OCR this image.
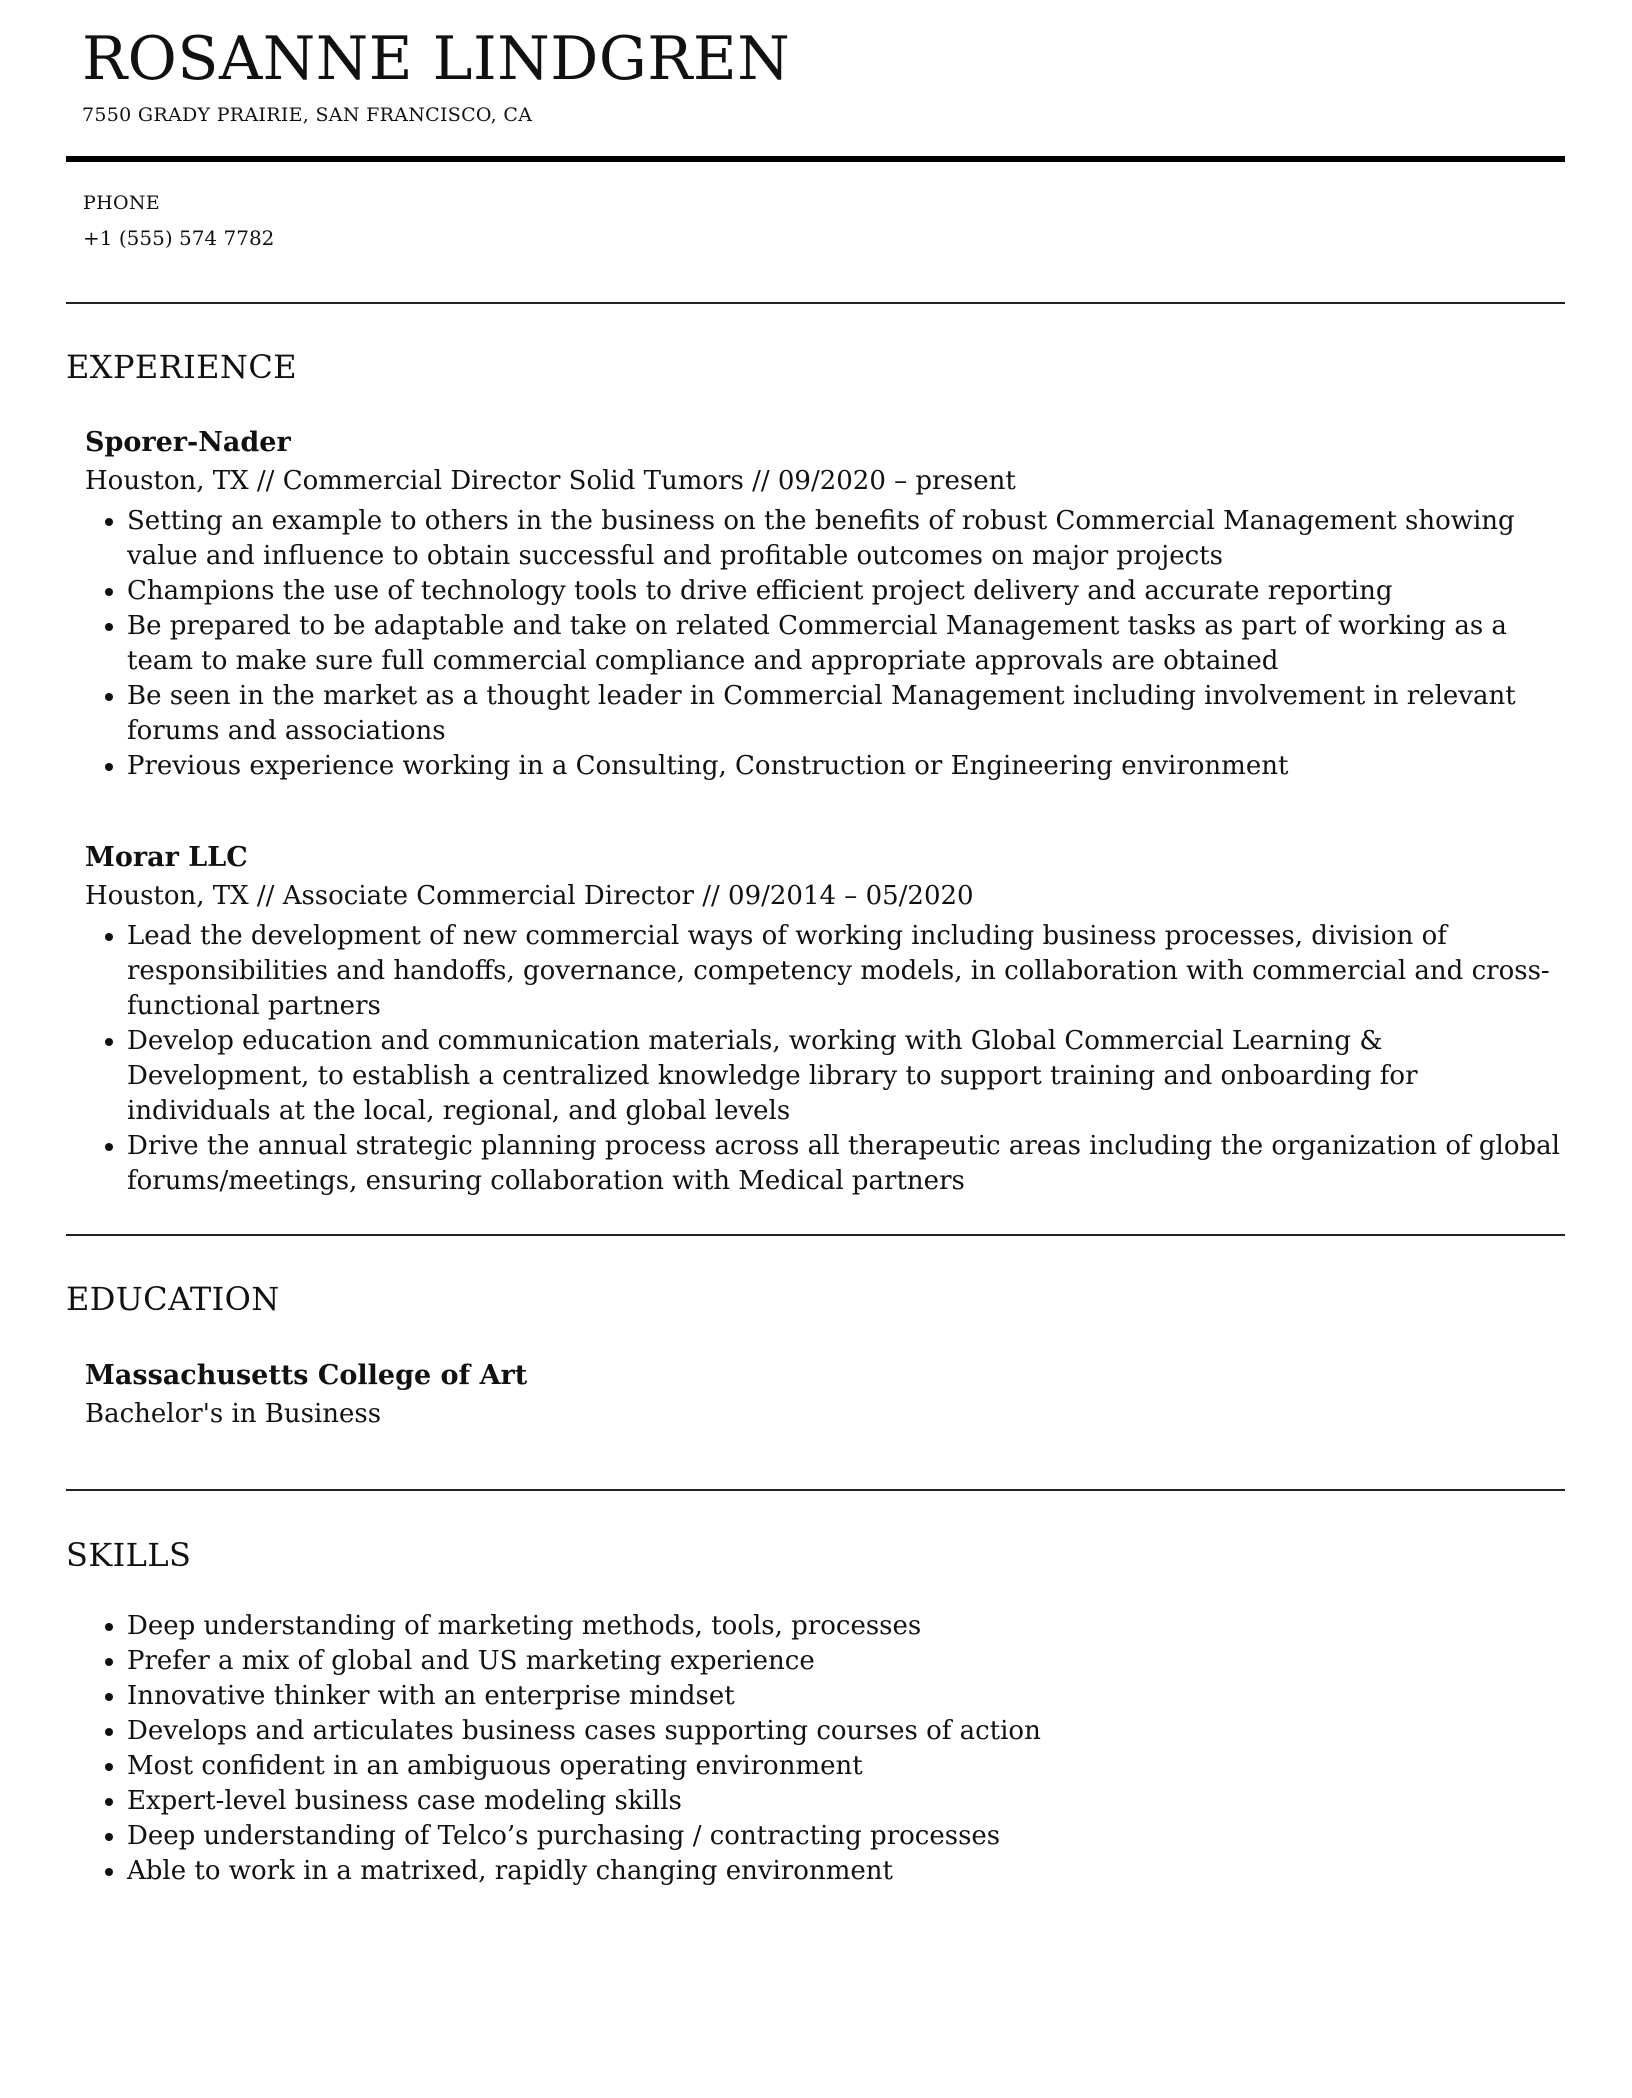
ROSANNE LINDGREN
7550 GRADY PRAIRIE, SAN FRANCISCO, CA
PHONE
+1 (555) 574 7782
EXPERIENCE
Sporer-Nader
Houston, TX // Commercial Director Solid Tumors // 09/2020 – present
• Setting an example to others in the business on the benefits of robust Commercial Management showing value and influence to obtain successful and profitable outcomes on major projects
• Champions the use of technology tools to drive efficient project delivery and accurate reporting
• Be prepared to be adaptable and take on related Commercial Management tasks as part of working as a team to make sure full commercial compliance and appropriate approvals are obtained
• Be seen in the market as a thought leader in Commercial Management including involvement in relevant forums and associations
• Previous experience working in a Consulting, Construction or Engineering environment
Morar LLC
Houston, TX // Associate Commercial Director // 09/2014 – 05/2020
• Lead the development of new commercial ways of working including business processes, division of responsibilities and handoffs, governance, competency models, in collaboration with commercial and cross-functional partners
• Develop education and communication materials, working with Global Commercial Learning & Development, to establish a centralized knowledge library to support training and onboarding for individuals at the local, regional, and global levels
• Drive the annual strategic planning process across all therapeutic areas including the organization of global forums/meetings, ensuring collaboration with Medical partners
EDUCATION
Massachusetts College of Art
Bachelor's in Business
SKILLS
• Deep understanding of marketing methods, tools, processes
• Prefer a mix of global and US marketing experience
• Innovative thinker with an enterprise mindset
• Develops and articulates business cases supporting courses of action
• Most confident in an ambiguous operating environment
• Expert-level business case modeling skills
• Deep understanding of Telco’s purchasing / contracting processes
• Able to work in a matrixed, rapidly changing environment
